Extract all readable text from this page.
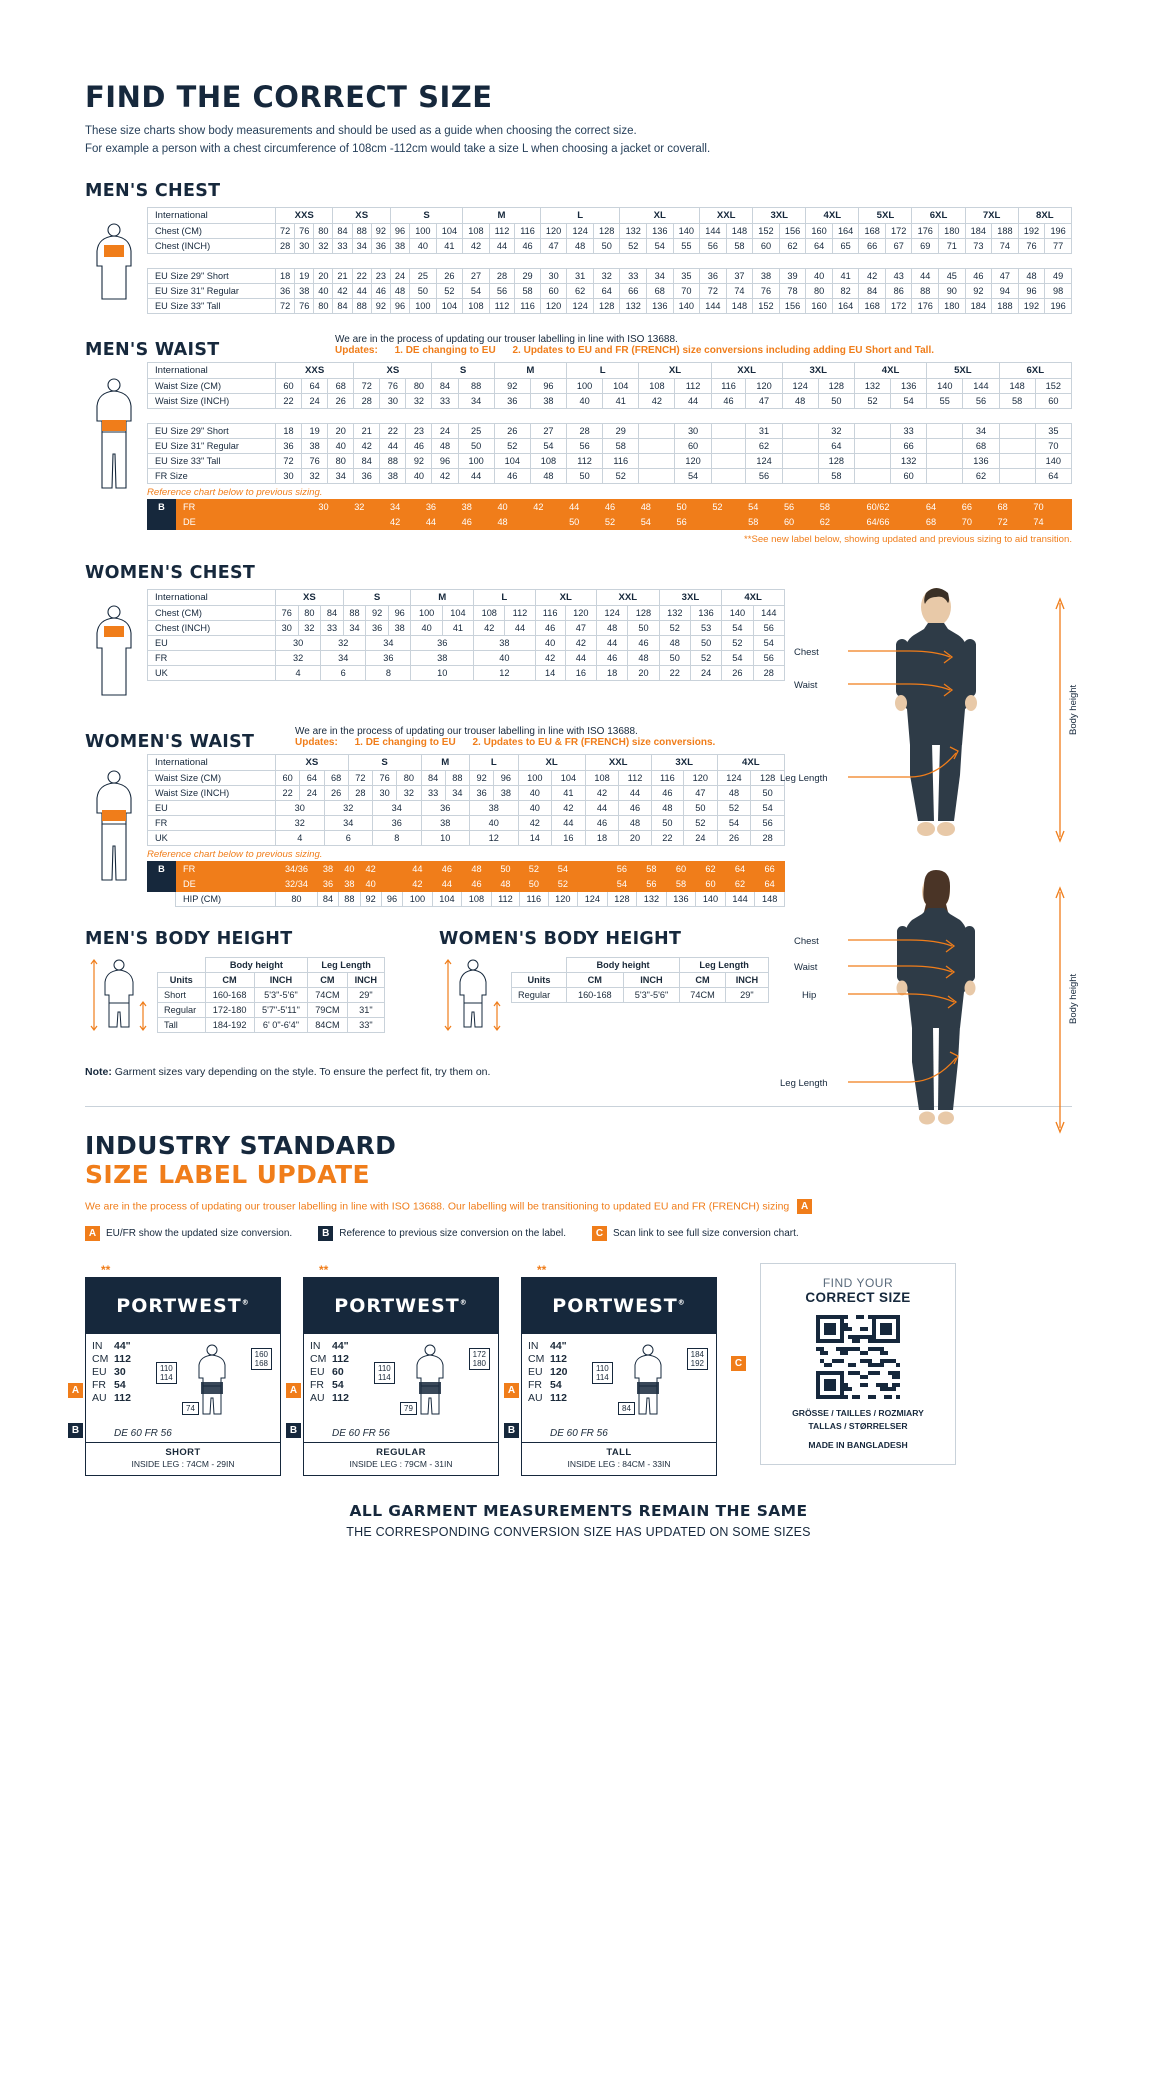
FIND THE CORRECT SIZE
These size charts show body measurements and should be used as a guide when choosing the correct size.
For example a person with a chest circumference of 108cm -112cm would take a size L when choosing a jacket or coverall.
MEN'S CHEST
International	XXS			XS			S			M			L			XL			XXL		3XL		4XL		5XL		6XL		7XL		8XL	
Chest (CM)	72	76	80	84	88	92	96	100	104	108	112	116	120	124	128	132	136	140	144	148	152	156	160	164	168	172	176	180	184	188	192	196
Chest (INCH)	28	30	32	33	34	36	38	40	41	42	44	46	47	48	50	52	54	55	56	58	60	62	64	65	66	67	69	71	73	74	76	77

EU Size 29" Short	18	19	20	21	22	23	24	25	26	27	28	29	30	31	32	33	34	35	36	37	38	39	40	41	42	43	44	45	46	47	48	49
EU Size 31" Regular	36	38	40	42	44	46	48	50	52	54	56	58	60	62	64	66	68	70	72	74	76	78	80	82	84	86	88	90	92	94	96	98
EU Size 33" Tall	72	76	80	84	88	92	96	100	104	108	112	116	120	124	128	132	136	140	144	148	152	156	160	164	168	172	176	180	184	188	192	196
MEN'S WAIST
We are in the process of updating our trouser labelling in line with ISO 13688.
Updates: 1. DE changing to EU 2. Updates to EU and FR (FRENCH) size conversions including adding EU Short and Tall.
International	XXS			XS			S		M		L		XL		XXL		3XL		4XL		5XL		6XL	
Waist Size (CM)	60	64	68	72	76	80	84	88	92	96	100	104	108	112	116	120	124	128	132	136	140	144	148	152
Waist Size (INCH)	22	24	26	28	30	32	33	34	36	38	40	41	42	44	46	47	48	50	52	54	55	56	58	60

EU Size 29" Short	18	19	20	21	22	23	24	25	26	27	28	29		30		31		32		33		34		35
EU Size 31" Regular	36	38	40	42	44	46	48	50	52	54	56	58		60		62		64		66		68		70
EU Size 33" Tall	72	76	80	84	88	92	96	100	104	108	112	116		120		124		128		132		136		140
FR Size	30	32	34	36	38	40	42	44	46	48	50	52		54		56		58		60		62		64
Reference chart below to previous sizing.
B	FR			30	32	34	36	38	40	42	44	46	48	50	52	54	56	58	60/62	64	66	68	70	
	DE					42	44	46	48		50	52	54	56		58	60	62	64/66	68	70	72	74	
**See new label below, showing updated and previous sizing to aid transition.
WOMEN'S CHEST
International	XS			S			M		L		XL		XXL		3XL		4XL	
Chest (CM)	76	80	84	88	92	96	100	104	108	112	116	120	124	128	132	136	140	144
Chest (INCH)	30	32	33	34	36	38	40	41	42	44	46	47	48	50	52	53	54	56
EU	30		32		34		36		38		40	42	44	46	48	50	52	54
FR	32		34		36		38		40		42	44	46	48	50	52	54	56
UK	4		6		8		10		12		14	16	18	20	22	24	26	28
WOMEN'S WAIST
We are in the process of updating our trouser labelling in line with ISO 13688.
Updates: 1. DE changing to EU 2. Updates to EU & FR (FRENCH) size conversions.
International	XS			S			M		L		XL		XXL		3XL		4XL	
Waist Size (CM)	60	64	68	72	76	80	84	88	92	96	100	104	108	112	116	120	124	128
Waist Size (INCH)	22	24	26	28	30	32	33	34	36	38	40	41	42	44	46	47	48	50
EU	30		32		34		36		38		40	42	44	46	48	50	52	54
FR	32		34		36		38		40		42	44	46	48	50	52	54	56
UK	4		6		8		10		12		14	16	18	20	22	24	26	28
Reference chart below to previous sizing.
B	FR	34/36	38	40	42		44	46	48	50	52	54		56	58	60	62	64	66
	DE	32/34	36	38	40		42	44	46	48	50	52		54	56	58	60	62	64
	HIP (CM)	80	84	88	92	96	100	104	108	112	116	120	124	128	132	136	140	144	148
MEN'S BODY HEIGHT
	Body height		Leg Length	
Units	CM	INCH	CM	INCH
Short	160-168	5'3"-5'6"	74CM	29"
Regular	172-180	5'7"-5'11"	79CM	31"
Tall	184-192	6' 0"-6'4"	84CM	33"
WOMEN'S BODY HEIGHT
	Body height		Leg Length	
Units	CM	INCH	CM	INCH
Regular	160-168	5'3"-5'6"	74CM	29"
Note: Garment sizes vary depending on the style. To ensure the perfect fit, try them on.
INDUSTRY STANDARD
SIZE LABEL UPDATE
We are in the process of updating our trouser labelling in line with ISO 13688. Our labelling will be transitioning to updated EU and FR (FRENCH) sizing A
A EU/FR show the updated size conversion.	B Reference to previous size conversion on the label.	C Scan link to see full size conversion chart.
**
PORTWEST®
IN 44"
CM 112
EU 30
FR 54
AU 112
110
114
160
168
74
DE 60 FR 56
SHORT
INSIDE LEG : 74CM - 29IN
A
B
**
PORTWEST®
IN 44"
CM 112
EU 60
FR 54
AU 112
110
114
172
180
79
DE 60 FR 56
REGULAR
INSIDE LEG : 79CM - 31IN
A
B
**
PORTWEST®
IN 44"
CM 112
EU 120
FR 54
AU 112
110
114
184
192
84
DE 60 FR 56
TALL
INSIDE LEG : 84CM - 33IN
A
B
C
FIND YOUR
CORRECT SIZE
GRÖSSE / TAILLES / ROZMIARY
TALLAS / STØRRELSER
MADE IN BANGLADESH
ALL GARMENT MEASUREMENTS REMAIN THE SAME
THE CORRESPONDING CONVERSION SIZE HAS UPDATED ON SOME SIZES
Chest
Waist
Leg Length
Body height
Chest
Waist
Hip
Leg Length
Body height
